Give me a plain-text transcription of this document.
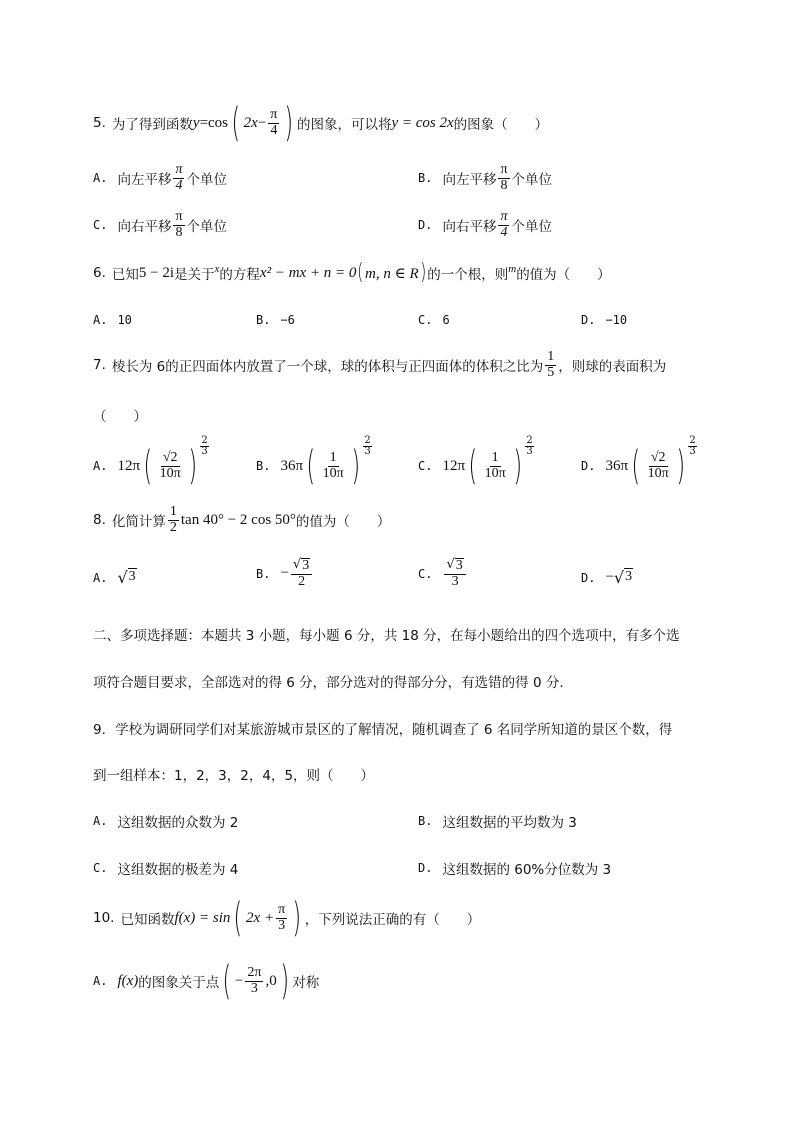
5. 为了得到函数 y =cos ( $2x - \frac{\pi}{4}$ ) 的图象，可以将 y = cos 2x 的图象（　　）
A. 向左平移 $\frac{\pi}{4}$ 个单位	B. 向左平移 $\frac{\pi}{8}$ 个单位
C. 向右平移 $\frac{\pi}{8}$ 个单位	D. 向右平移 $\frac{\pi}{4}$ 个单位
6. 已知 5 − 2i 是关于 x 的方程 x² − mx + n = 0 ( m, n ∈ R ) 的一个根，则 m 的值为（　　）
A. 10	B. −6	C. 6	D. −10
7. 棱长为 6的正四面体内放置了一个球，球的体积与正四面体的体积之比为 $\frac{1}{5}$ ，则球的表面积为
（　　）
A. 12π ( $\frac{√2}{10\pi}$ )
2
3
B. 36π ( $\frac{1}{10\pi}$ )
2
3
C. 12π ( $\frac{1}{10\pi}$ )
2
3
D. 36π ( $\frac{√2}{10\pi}$ )
2
3
8. 化简计算 $\frac{1}{2}$ tan 40° − 2 cos 50° 的值为（　　）
A. √ 3	B. − $\frac{√ 3}{2}$	C. $\frac{√ 3}{3}$	D. − √ 3
二、多项选择题：本题共 3 小题，每小题 6 分，共 18 分，在每小题给出的四个选项中，有多个选
项符合题目要求，全部选对的得 6 分，部分选对的得部分分，有选错的得 0 分.
9．学校为调研同学们对某旅游城市景区的了解情况，随机调查了 6 名同学所知道的景区个数，得
到一组样本：1，2，3，2，4，5，则（　　）
A. 这组数据的众数为 2	B. 这组数据的平均数为 3
C. 这组数据的极差为 4	D. 这组数据的 60%分位数为 3
10. 已知函数 f(x) = sin ( $2x + \frac{\pi}{3}$ ) ，下列说法正确的有（　　）
A. f(x) 的图象关于点 ( − $\frac{2\pi}{3} ,0$ ) 对称
